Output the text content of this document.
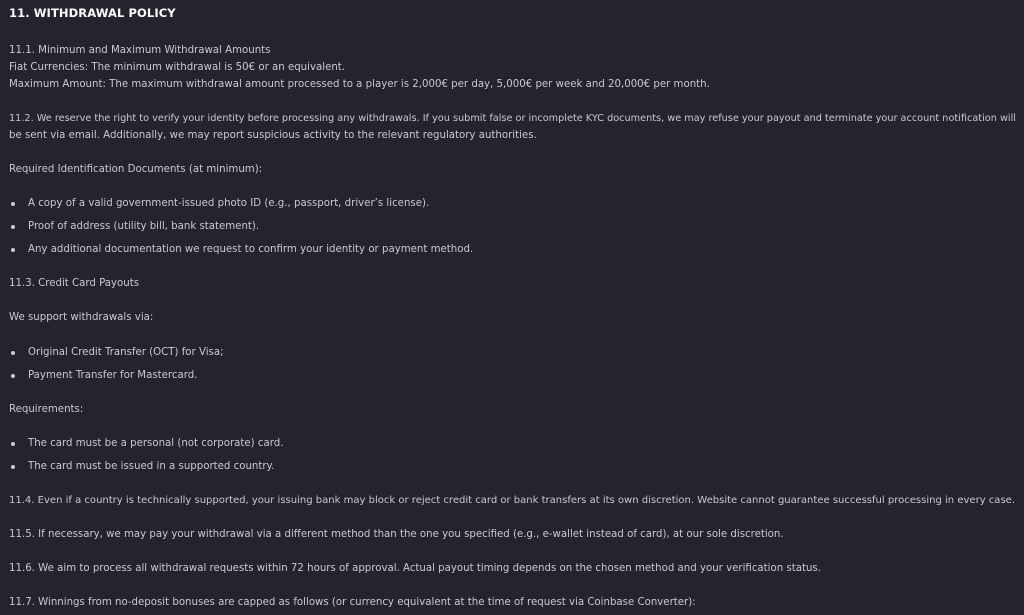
11. WITHDRAWAL POLICY

11.1. Minimum and Maximum Withdrawal Amounts

Fiat Currencies: The minimum withdrawal is 50€ or an equivalent.

Maximum Amount: The maximum withdrawal amount processed to a player is 2,000€ per day, 5,000€ per week and 20,000€ per month.

11.2. We reserve the right to verify your identity before processing any withdrawals. If you submit false or incomplete KYC documents, we may refuse your payout and terminate your account notification will

be sent via email. Additionally, we may report suspicious activity to the relevant regulatory authorities.

Required Identification Documents (at minimum):

A copy of a valid government-issued photo ID (e.g., passport, driver’s license).
Proof of address (utility bill, bank statement).
Any additional documentation we request to confirm your identity or payment method.

11.3. Credit Card Payouts

We support withdrawals via:

Original Credit Transfer (OCT) for Visa;
Payment Transfer for Mastercard.

Requirements:

The card must be a personal (not corporate) card.
The card must be issued in a supported country.

11.4. Even if a country is technically supported, your issuing bank may block or reject credit card or bank transfers at its own discretion. Website cannot guarantee successful processing in every case.

11.5. If necessary, we may pay your withdrawal via a different method than the one you specified (e.g., e-wallet instead of card), at our sole discretion.

11.6. We aim to process all withdrawal requests within 72 hours of approval. Actual payout timing depends on the chosen method and your verification status.

11.7. Winnings from no-deposit bonuses are capped as follows (or currency equivalent at the time of request via Coinbase Converter):
